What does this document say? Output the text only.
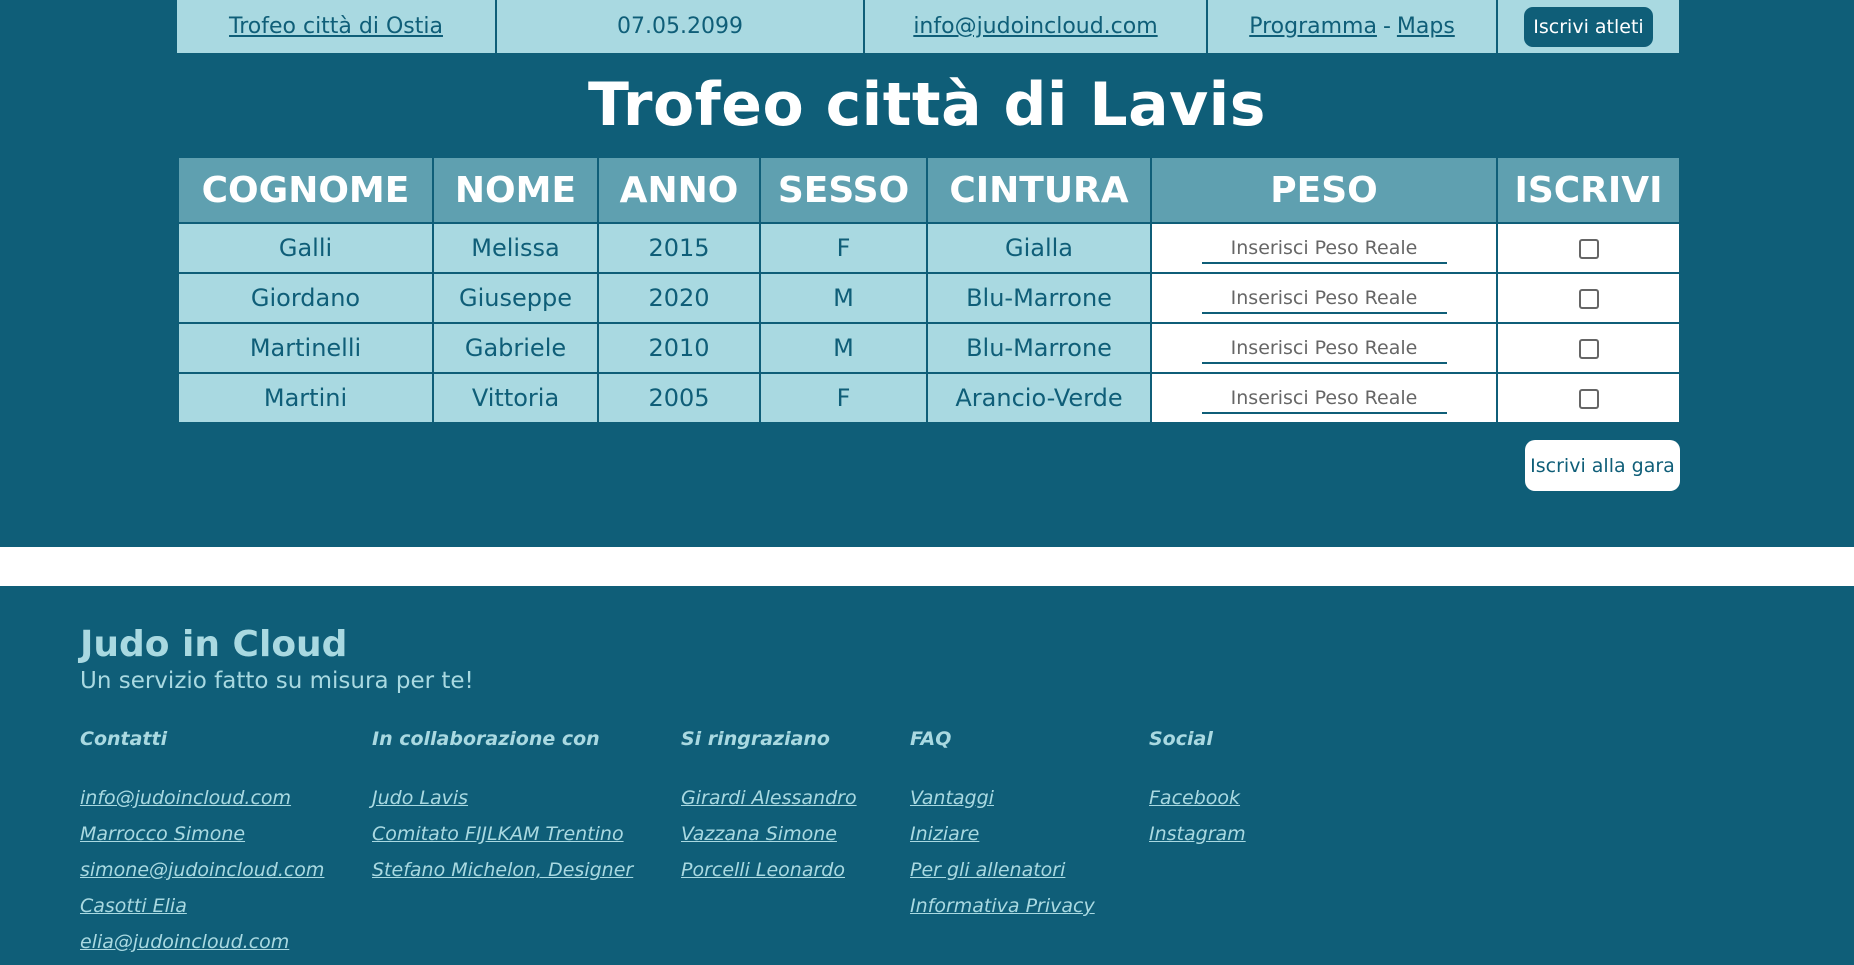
Trofeo città di Ostia	07.05.2099	info@judoincloud.com	Programma - Maps	Iscrivi atleti
Trofeo città di Lavis
COGNOME	NOME	ANNO	SESSO	CINTURA	PESO	ISCRIVI
Galli	Melissa	2015	F	Gialla	Inserisci Peso Reale	
Giordano	Giuseppe	2020	M	Blu-Marrone	Inserisci Peso Reale	
Martinelli	Gabriele	2010	M	Blu-Marrone	Inserisci Peso Reale	
Martini	Vittoria	2005	F	Arancio-Verde	Inserisci Peso Reale	
Iscrivi alla gara
Judo in Cloud
Un servizio fatto su misura per te!
Contatti
info@judoincloud.com
Marrocco Simone
simone@judoincloud.com
Casotti Elia
elia@judoincloud.com
In collaborazione con
Judo Lavis
Comitato FIJLKAM Trentino
Stefano Michelon, Designer
Si ringraziano
Girardi Alessandro
Vazzana Simone
Porcelli Leonardo
FAQ
Vantaggi
Iniziare
Per gli allenatori
Informativa Privacy
Social
Facebook
Instagram
